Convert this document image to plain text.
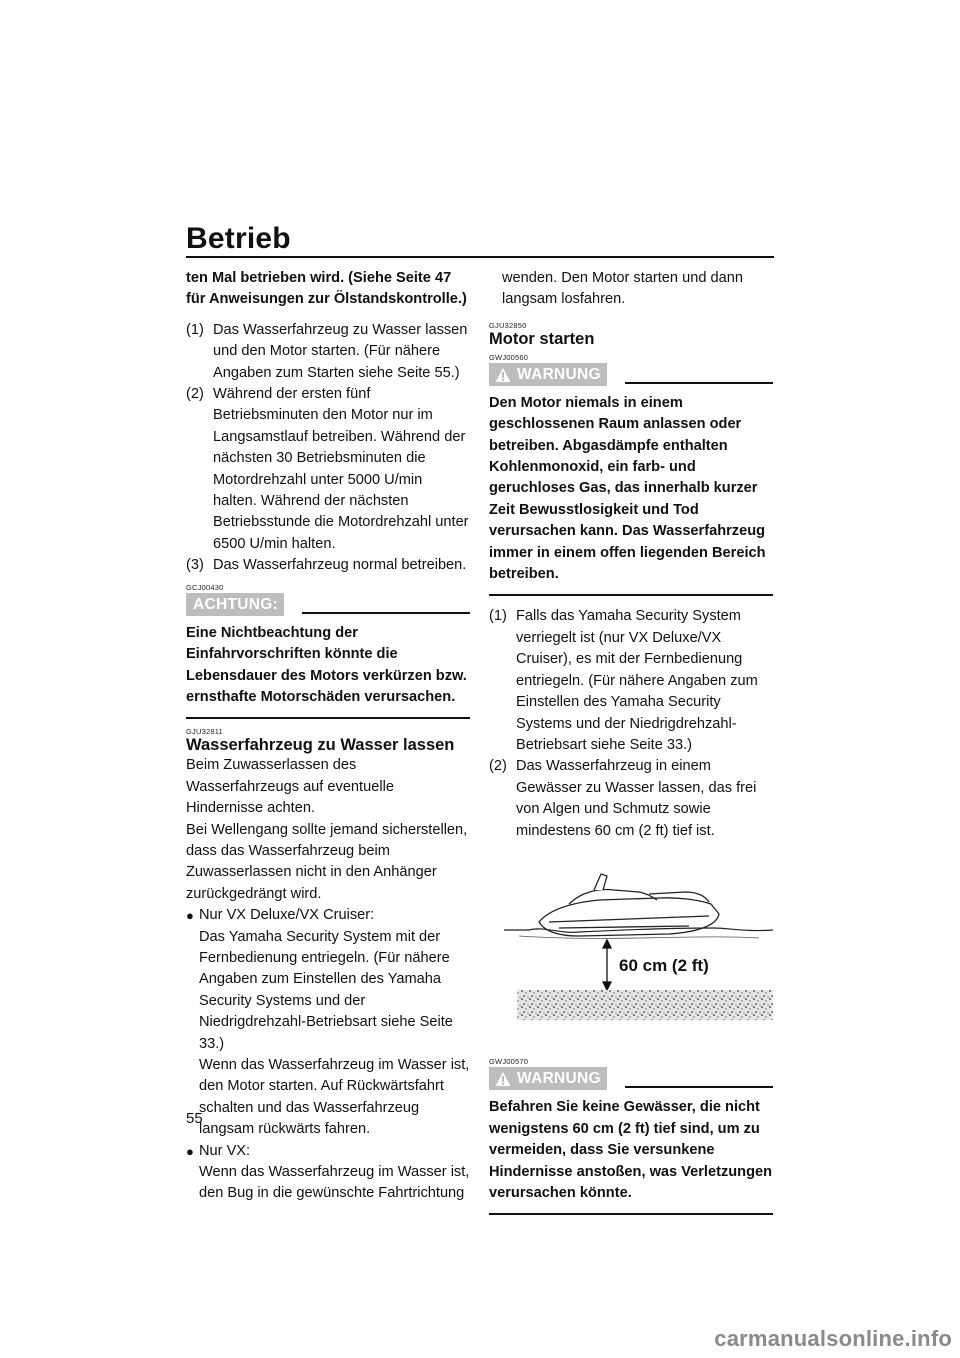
Betrieb

ten Mal betrieben wird. (Siehe Seite 47 für Anweisungen zur Ölstandskontrolle.)

(1) Das Wasserfahrzeug zu Wasser lassen und den Motor starten. (Für nähere Angaben zum Starten siehe Seite 55.)
(2) Während der ersten fünf Betriebsminuten den Motor nur im Langsamstlauf betreiben. Während der nächsten 30 Betriebsminuten die Motordrehzahl unter 5000 U/min halten. Während der nächsten Betriebsstunde die Motordrehzahl unter 6500 U/min halten.
(3) Das Wasserfahrzeug normal betreiben.
GCJ00430
ACHTUNG:

Eine Nichtbeachtung der Einfahrvorschriften könnte die Lebensdauer des Motors verkürzen bzw. ernsthafte Motorschäden verursachen.

GJU32811
Wasserfahrzeug zu Wasser lassen

Beim Zuwasserlassen des Wasserfahrzeugs auf eventuelle Hindernisse achten.

Bei Wellengang sollte jemand sicherstellen, dass das Wasserfahrzeug beim Zuwasserlassen nicht in den Anhänger zurückgedrängt wird.

● Nur VX Deluxe/VX Cruiser:
Das Yamaha Security System mit der Fernbedienung entriegeln. (Für nähere Angaben zum Einstellen des Yamaha Security Systems und der Niedrigdrehzahl-Betriebsart siehe Seite 33.)
Wenn das Wasserfahrzeug im Wasser ist, den Motor starten. Auf Rückwärtsfahrt schalten und das Wasserfahrzeug langsam rückwärts fahren.
● Nur VX:
Wenn das Wasserfahrzeug im Wasser ist, den Bug in die gewünschte Fahrtrichtung

wenden. Den Motor starten und dann langsam losfahren.

GJU32850
Motor starten
GWJ00560
WARNUNG

Den Motor niemals in einem geschlossenen Raum anlassen oder betreiben. Abgasdämpfe enthalten Kohlenmonoxid, ein farb- und geruchloses Gas, das innerhalb kurzer Zeit Bewusstlosigkeit und Tod verursachen kann. Das Wasserfahrzeug immer in einem offen liegenden Bereich betreiben.

(1) Falls das Yamaha Security System verriegelt ist (nur VX Deluxe/VX Cruiser), es mit der Fernbedienung entriegeln. (Für nähere Angaben zum Einstellen des Yamaha Security Systems und der Niedrigdrehzahl-Betriebsart siehe Seite 33.)
(2) Das Wasserfahrzeug in einem Gewässer zu Wasser lassen, das frei von Algen und Schmutz sowie mindestens 60 cm (2 ft) tief ist.
60 cm (2 ft)
GWJ00570
WARNUNG

Befahren Sie keine Gewässer, die nicht wenigstens 60 cm (2 ft) tief sind, um zu vermeiden, dass Sie versunkene Hindernisse anstoßen, was Verletzungen verursachen könnte.

55
carmanualsonline.info
